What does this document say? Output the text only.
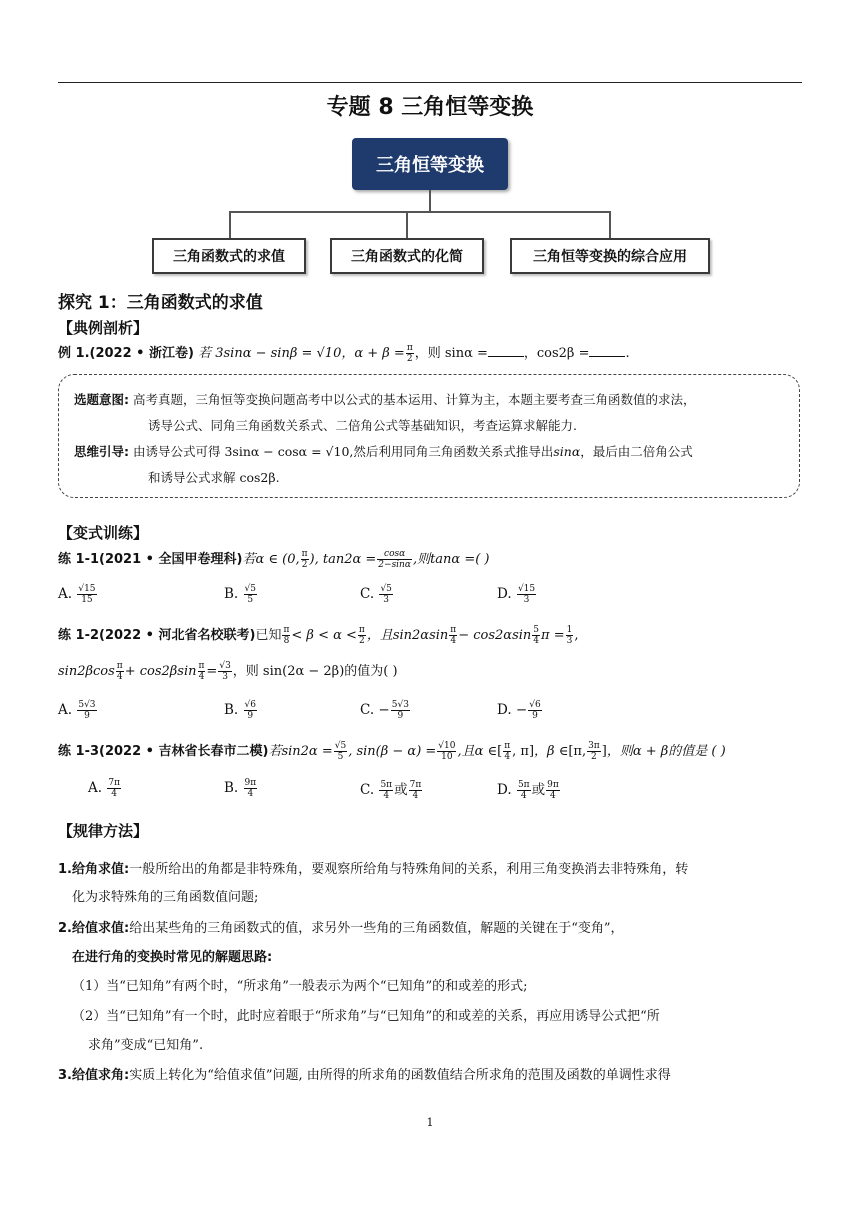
专题 8 三角恒等变换
三角恒等变换
三角函数式的求值	三角函数式的化简	三角恒等变换的综合应用
探究 1：三角函数式的求值
【典例剖析】
例 1.(2022 • 浙江卷) 若 3sinα − sinβ = √10，$\alpha + \beta = \frac{\pi}{2}$ ，则 sinα =	，cos2β =	.
选题意图: 高考真题，三角恒等变换问题高考中以公式的基本运用、计算为主，本题主要考查三角函数值的求法，
诱导公式、同角三角函数关系式、二倍角公式等基础知识，考查运算求解能力.
思维引导: 由诱导公式可得 3sinα − cosα = √10,然后利用同角三角函数关系式推导出sinα，最后由二倍角公式
和诱导公式求解 cos2β.
【变式训练】
练 1-1(2021 • 全国甲卷理科)若α ∈ (0, $\frac{\pi}{2}$ ), $\tan 2\alpha = \frac{\cos\alpha}{2-\sin\alpha}$ ,则tanα =( )
A. $\frac{√15}{15}$	B. $\frac{√5}{5}$	C. $\frac{√5}{3}$	D. $\frac{√15}{3}$
练 1-2(2022 • 河北省名校联考)已知 $\frac{\pi}{8} < \beta < \alpha < \frac{\pi}{2}$ ，且$\sin 2\alpha\sin \frac{\pi}{4} - \cos 2\alpha\sin \frac{5}{4}$ $\pi = \frac{1}{3}$ ,
$\sin 2\beta\cos \frac{\pi}{4} + \cos 2\beta\sin \frac{\pi}{4} = \frac{√3}{3}$ ，则 sin(2α − 2β)的值为( )
A. $\frac{5√3}{9}$	B. $\frac{√6}{9}$	C. − $\frac{5√3}{9}$	D. − $\frac{√6}{9}$
练 1-3(2022 • 吉林省长春市二模)若$\sin 2\alpha = \frac{√5}{5}$ , $\sin(\beta - \alpha) = \frac{√10}{10}$ ,且α ∈[ $\frac{\pi}{4}$ , π]，β ∈[π, $\frac{3\pi}{2}$ ]，则α + β的值是 ( )
A. $\frac{7\pi}{4}$	B. $\frac{9\pi}{4}$	C. $\frac{5\pi}{4}$ 或 $\frac{7\pi}{4}$	D. $\frac{5\pi}{4}$ 或 $\frac{9\pi}{4}$
【规律方法】
1.给角求值:一般所给出的角都是非特殊角，要观察所给角与特殊角间的关系，利用三角变换消去非特殊角，转
化为求特殊角的三角函数值问题;
2.给值求值:给出某些角的三角函数式的值，求另外一些角的三角函数值，解题的关键在于“变角”，
在进行角的变换时常见的解题思路:
（1）当“已知角”有两个时，“所求角”一般表示为两个“已知角”的和或差的形式;
（2）当“已知角”有一个时，此时应着眼于“所求角”与“已知角”的和或差的关系，再应用诱导公式把“所
求角”变成“已知角”.
3.给值求角:实质上转化为“给值求值”问题, 由所得的所求角的函数值结合所求角的范围及函数的单调性求得
1
